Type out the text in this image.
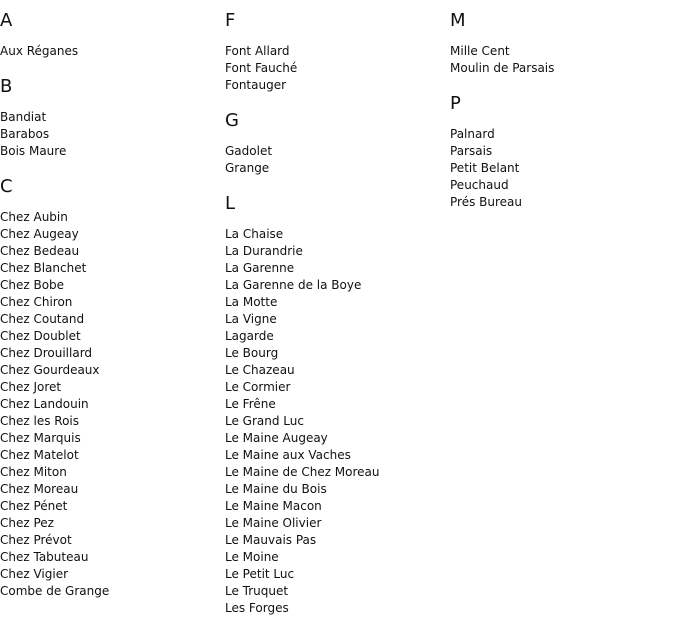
A
Aux Réganes
B
Bandiat
Barabos
Bois Maure
C
Chez Aubin
Chez Augeay
Chez Bedeau
Chez Blanchet
Chez Bobe
Chez Chiron
Chez Coutand
Chez Doublet
Chez Drouillard
Chez Gourdeaux
Chez Joret
Chez Landouin
Chez les Rois
Chez Marquis
Chez Matelot
Chez Miton
Chez Moreau
Chez Pénet
Chez Pez
Chez Prévot
Chez Tabuteau
Chez Vigier
Combe de Grange
F
Font Allard
Font Fauché
Fontauger
G
Gadolet
Grange
L
La Chaise
La Durandrie
La Garenne
La Garenne de la Boye
La Motte
La Vigne
Lagarde
Le Bourg
Le Chazeau
Le Cormier
Le Frêne
Le Grand Luc
Le Maine Augeay
Le Maine aux Vaches
Le Maine de Chez Moreau
Le Maine du Bois
Le Maine Macon
Le Maine Olivier
Le Mauvais Pas
Le Moine
Le Petit Luc
Le Truquet
Les Forges
M
Mille Cent
Moulin de Parsais
P
Palnard
Parsais
Petit Belant
Peuchaud
Prés Bureau
